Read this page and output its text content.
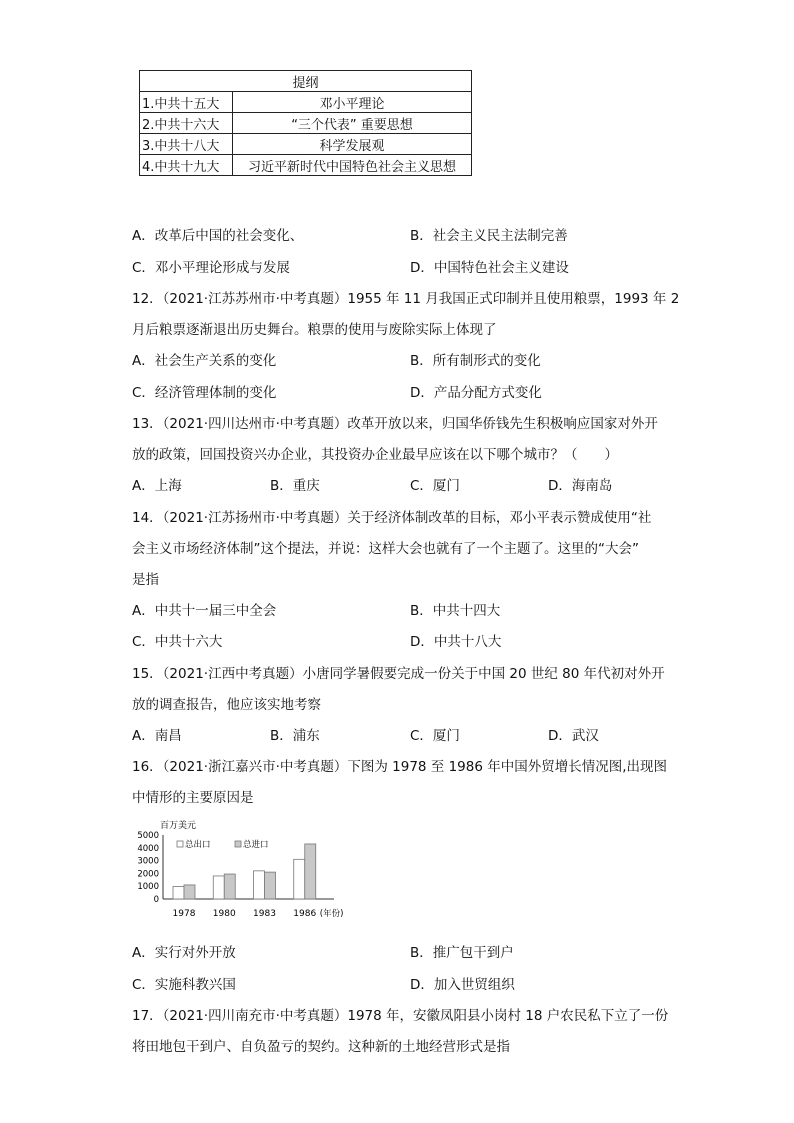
提纲	
1.中共十五大	邓小平理论
2.中共十六大	“三个代表” 重要思想
3.中共十八大	科学发展观
4.中共十九大	习近平新时代中国特色社会主义思想
A．改革后中国的社会变化、	B．社会主义民主法制完善
C．邓小平理论形成与发展	D．中国特色社会主义建设
12．（2021·江苏苏州市·中考真题）1955 年 11 月我国正式印制并且使用粮票，1993 年 2
月后粮票逐渐退出历史舞台。粮票的使用与废除实际上体现了
A．社会生产关系的变化	B．所有制形式的变化
C．经济管理体制的变化	D．产品分配方式变化
13．（2021·四川达州市·中考真题）改革开放以来，归国华侨钱先生积极响应国家对外开
放的政策，回国投资兴办企业，其投资办企业最早应该在以下哪个城市？（　　）
A．上海	B．重庆	C．厦门	D．海南岛
14．（2021·江苏扬州市·中考真题）关于经济体制改革的目标，邓小平表示赞成使用“社
会主义市场经济体制”这个提法，并说：这样大会也就有了一个主题了。这里的“大会”
是指
A．中共十一届三中全会	B．中共十四大
C．中共十六大	D．中共十八大
15．（2021·江西中考真题）小唐同学暑假要完成一份关于中国 20 世纪 80 年代初对外开
放的调查报告，他应该实地考察
A．南昌	B．浦东	C．厦门	D．武汉
16．（2021·浙江嘉兴市·中考真题）下图为 1978 至 1986 年中国外贸增长情况图,出现图
中情形的主要原因是
百万美元
5000
4000
3000
2000
1000
0
1978 1980 1983 1986
总出口	总进口
(年份)
A．实行对外开放	B．推广包干到户
C．实施科教兴国	D．加入世贸组织
17．（2021·四川南充市·中考真题）1978 年，安徽凤阳县小岗村 18 户农民私下立了一份
将田地包干到户、自负盈亏的契约。这种新的土地经营形式是指
